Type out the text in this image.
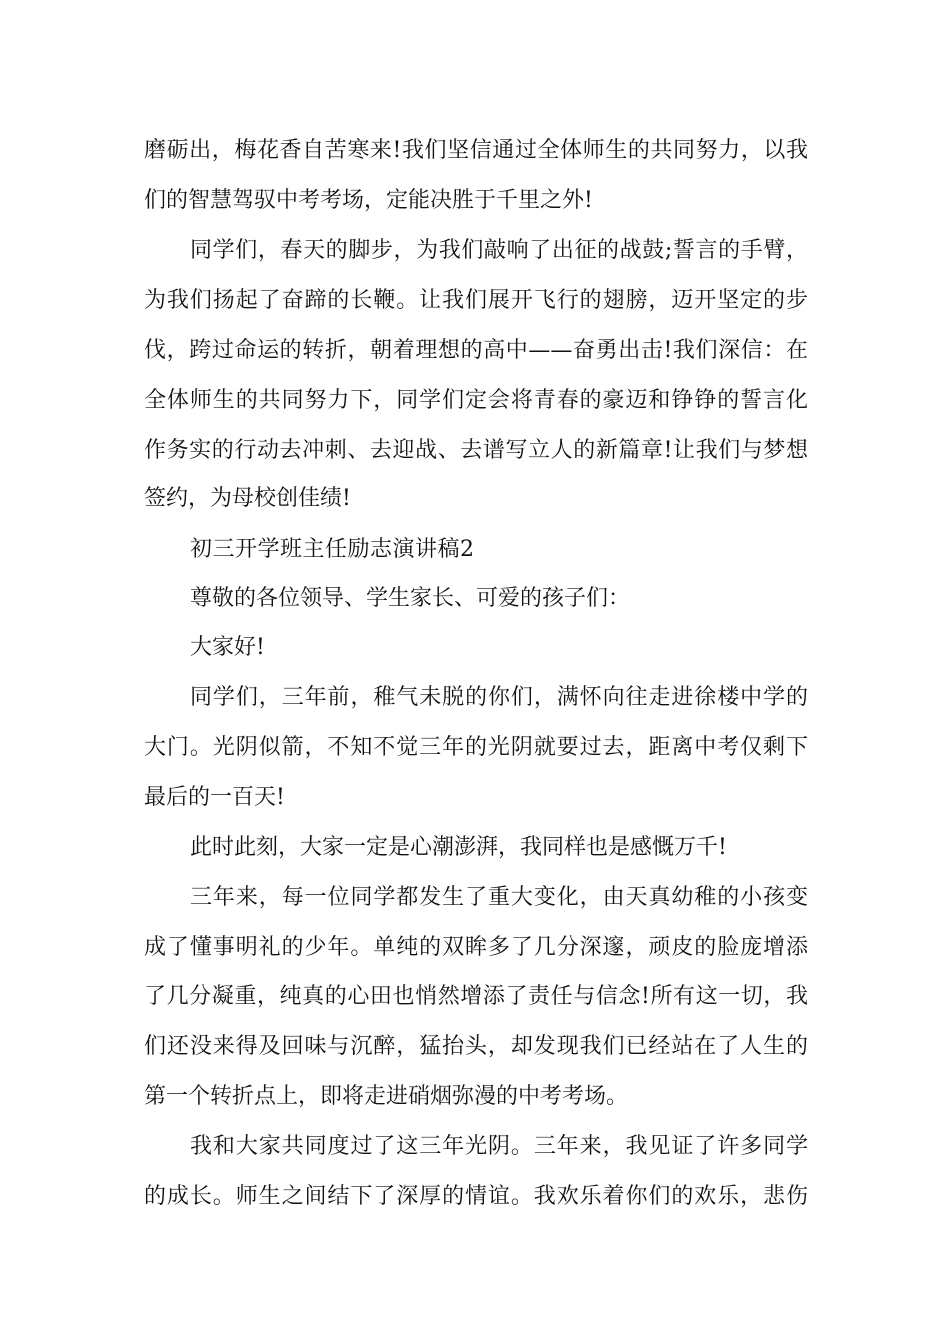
磨砺出，梅花香自苦寒来!我们坚信通过全体师生的共同努力，以我
们的智慧驾驭中考考场，定能决胜于千里之外!
同学们，春天的脚步，为我们敲响了出征的战鼓;誓言的手臂，
为我们扬起了奋蹄的长鞭。让我们展开飞行的翅膀，迈开坚定的步
伐，跨过命运的转折，朝着理想的高中——奋勇出击!我们深信：在
全体师生的共同努力下，同学们定会将青春的豪迈和铮铮的誓言化
作务实的行动去冲刺、去迎战、去谱写立人的新篇章!让我们与梦想
签约，为母校创佳绩!
初三开学班主任励志演讲稿2
尊敬的各位领导、学生家长、可爱的孩子们：
大家好!
同学们，三年前，稚气未脱的你们，满怀向往走进徐楼中学的
大门。光阴似箭，不知不觉三年的光阴就要过去，距离中考仅剩下
最后的一百天!
此时此刻，大家一定是心潮澎湃，我同样也是感慨万千!
三年来，每一位同学都发生了重大变化，由天真幼稚的小孩变
成了懂事明礼的少年。单纯的双眸多了几分深邃，顽皮的脸庞增添
了几分凝重，纯真的心田也悄然增添了责任与信念!所有这一切，我
们还没来得及回味与沉醉，猛抬头，却发现我们已经站在了人生的
第一个转折点上，即将走进硝烟弥漫的中考考场。
我和大家共同度过了这三年光阴。三年来，我见证了许多同学
的成长。师生之间结下了深厚的情谊。我欢乐着你们的欢乐，悲伤
